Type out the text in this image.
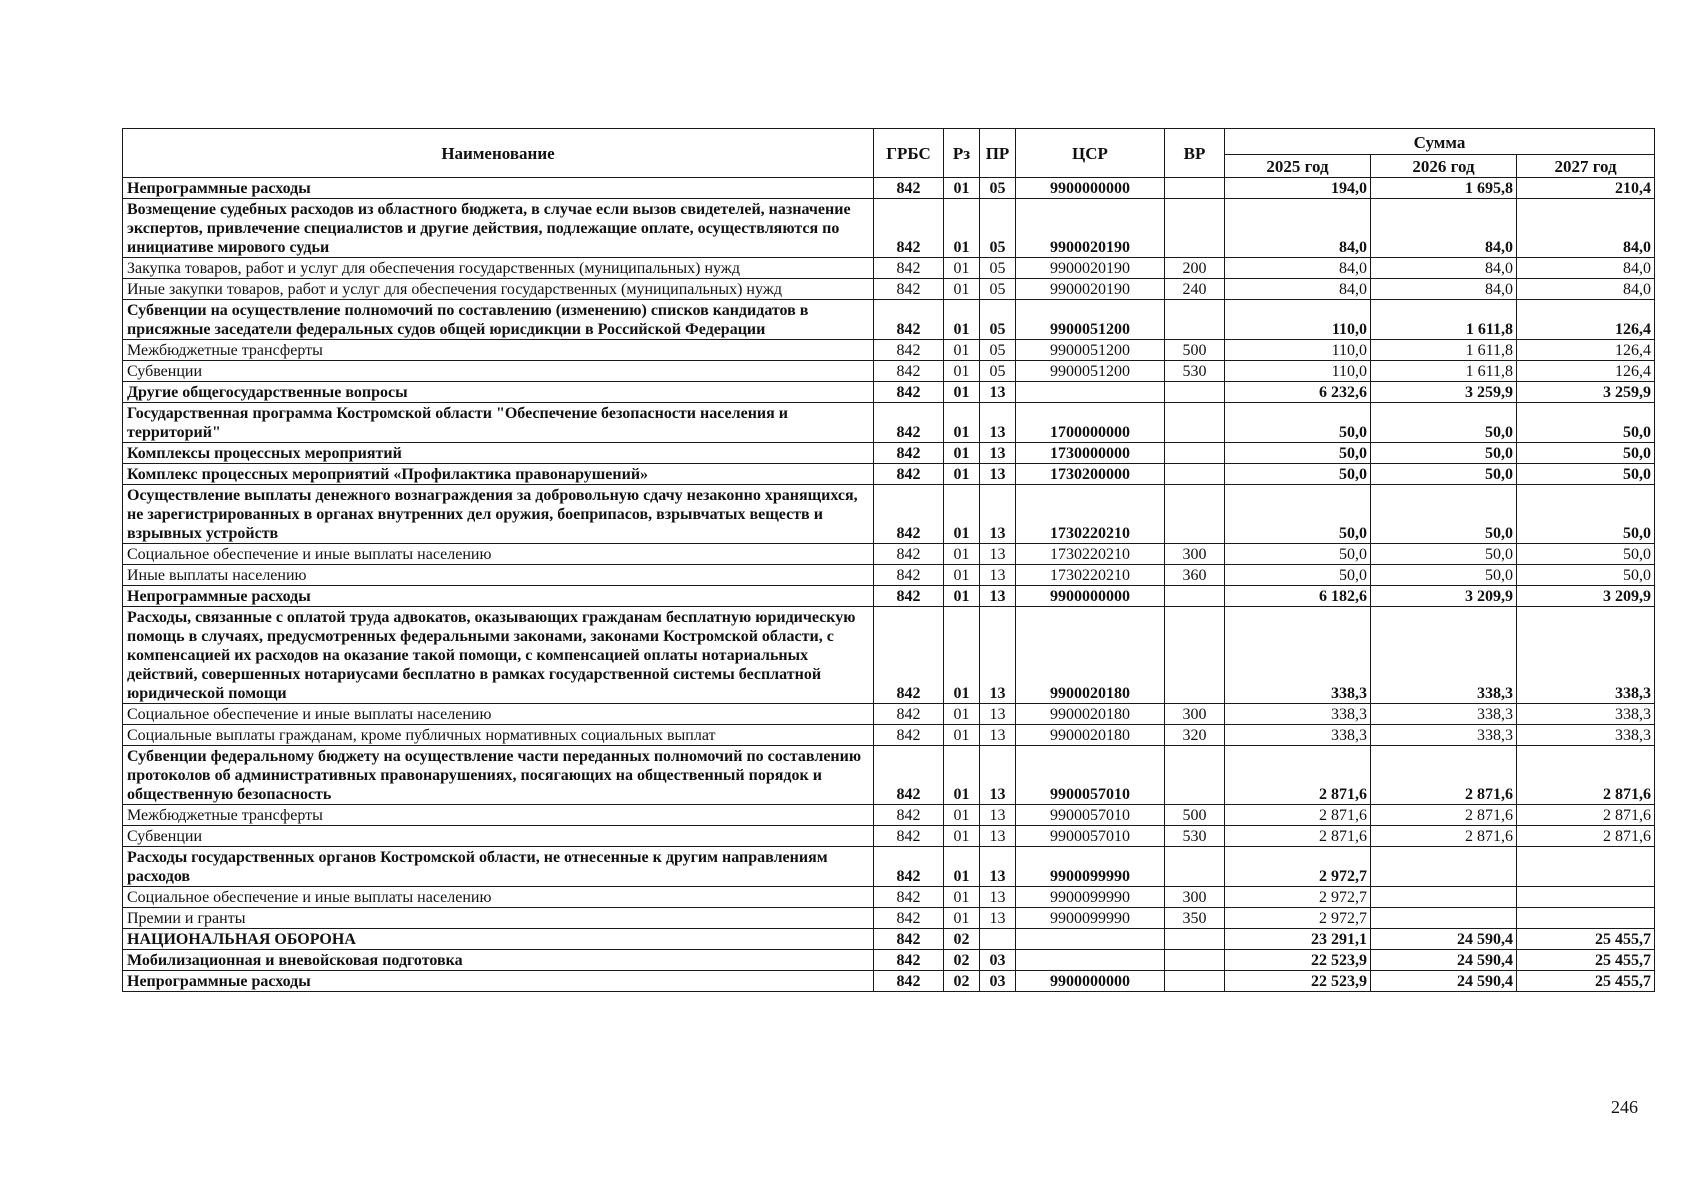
Наименование	ГРБС	Рз	ПР	ЦСР	ВР	Сумма		
						2025 год	2026 год	2027 год
Непрограммные расходы	842	01	05	9900000000		194,0	1 695,8	210,4
Возмещение судебных расходов из областного бюджета, в случае если вызов свидетелей, назначение экспертов, привлечение специалистов и другие действия, подлежащие оплате, осуществляются по инициативе мирового судьи	842	01	05	9900020190		84,0	84,0	84,0
Закупка товаров, работ и услуг для обеспечения государственных (муниципальных) нужд	842	01	05	9900020190	200	84,0	84,0	84,0
Иные закупки товаров, работ и услуг для обеспечения государственных (муниципальных) нужд	842	01	05	9900020190	240	84,0	84,0	84,0
Субвенции на осуществление полномочий по составлению (изменению) списков кандидатов в присяжные заседатели федеральных судов общей юрисдикции в Российской Федерации	842	01	05	9900051200		110,0	1 611,8	126,4
Межбюджетные трансферты	842	01	05	9900051200	500	110,0	1 611,8	126,4
Субвенции	842	01	05	9900051200	530	110,0	1 611,8	126,4
Другие общегосударственные вопросы	842	01	13			6 232,6	3 259,9	3 259,9
Государственная программа Костромской области "Обеспечение безопасности населения и территорий"	842	01	13	1700000000		50,0	50,0	50,0
Комплексы процессных мероприятий	842	01	13	1730000000		50,0	50,0	50,0
Комплекс процессных мероприятий «Профилактика правонарушений»	842	01	13	1730200000		50,0	50,0	50,0
Осуществление выплаты денежного вознаграждения за добровольную сдачу незаконно хранящихся, не зарегистрированных в органах внутренних дел оружия, боеприпасов, взрывчатых веществ и взрывных устройств	842	01	13	1730220210		50,0	50,0	50,0
Социальное обеспечение и иные выплаты населению	842	01	13	1730220210	300	50,0	50,0	50,0
Иные выплаты населению	842	01	13	1730220210	360	50,0	50,0	50,0
Непрограммные расходы	842	01	13	9900000000		6 182,6	3 209,9	3 209,9
Расходы, связанные с оплатой труда адвокатов, оказывающих гражданам бесплатную юридическую помощь в случаях, предусмотренных федеральными законами, законами Костромской области, с компенсацией их расходов на оказание такой помощи, с компенсацией оплаты нотариальных действий, совершенных нотариусами бесплатно в рамках государственной системы бесплатной юридической помощи	842	01	13	9900020180		338,3	338,3	338,3
Социальное обеспечение и иные выплаты населению	842	01	13	9900020180	300	338,3	338,3	338,3
Социальные выплаты гражданам, кроме публичных нормативных социальных выплат	842	01	13	9900020180	320	338,3	338,3	338,3
Субвенции федеральному бюджету на осуществление части переданных полномочий по составлению протоколов об административных правонарушениях, посягающих на общественный порядок и общественную безопасность	842	01	13	9900057010		2 871,6	2 871,6	2 871,6
Межбюджетные трансферты	842	01	13	9900057010	500	2 871,6	2 871,6	2 871,6
Субвенции	842	01	13	9900057010	530	2 871,6	2 871,6	2 871,6
Расходы государственных органов Костромской области, не отнесенные к другим направлениям расходов	842	01	13	9900099990		2 972,7		
Социальное обеспечение и иные выплаты населению	842	01	13	9900099990	300	2 972,7		
Премии и гранты	842	01	13	9900099990	350	2 972,7		
НАЦИОНАЛЬНАЯ ОБОРОНА	842	02				23 291,1	24 590,4	25 455,7
Мобилизационная и вневойсковая подготовка	842	02	03			22 523,9	24 590,4	25 455,7
Непрограммные расходы	842	02	03	9900000000		22 523,9	24 590,4	25 455,7
246
